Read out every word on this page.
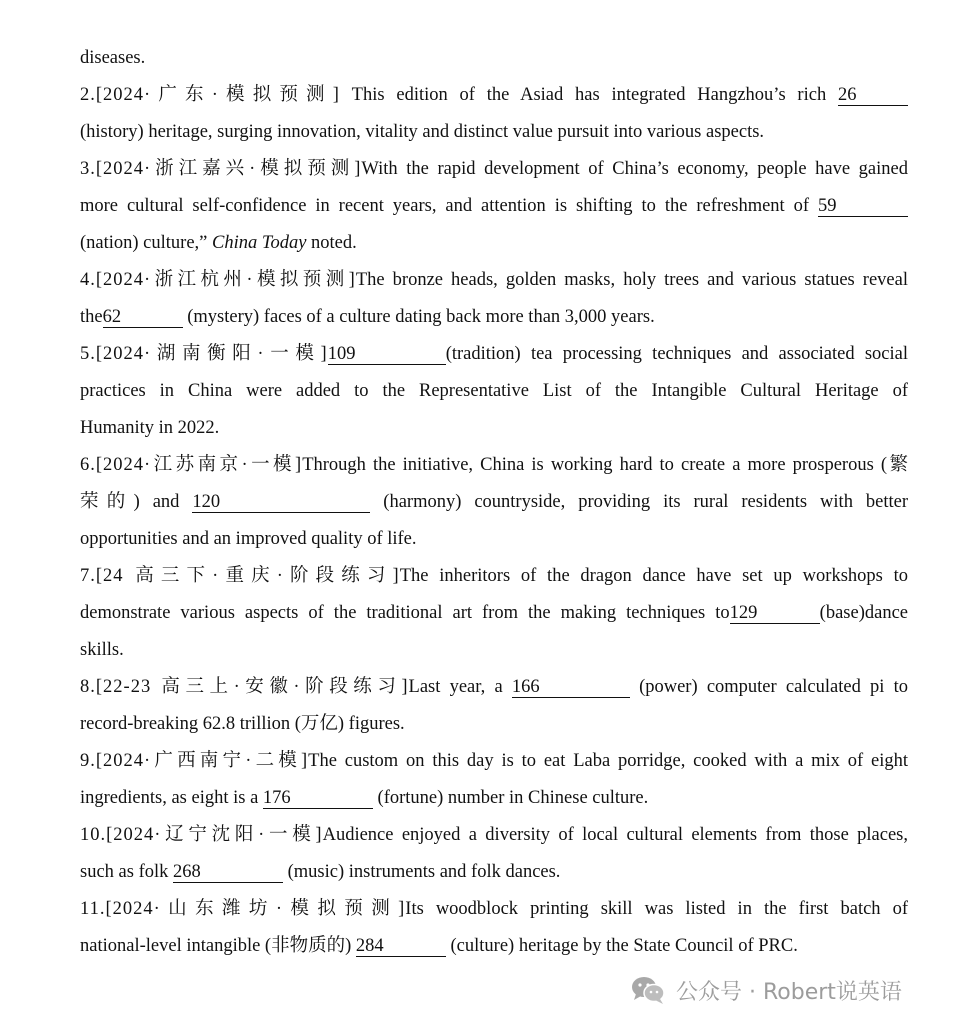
diseases.
2.[2024·广东·模拟预测] This edition of the Asiad has integrated Hangzhou’s rich 26
(history) heritage, surging innovation, vitality and distinct value pursuit into various aspects.
3.[2024·浙江嘉兴·模拟预测]With the rapid development of China’s economy, people have gained
more cultural self-confidence in recent years, and attention is shifting to the refreshment of 59
(nation) culture,” China Today noted.
4.[2024·浙江杭州·模拟预测]The bronze heads, golden masks, holy trees and various statues reveal
the62	(mystery) faces of a culture dating back more than 3,000 years.
5.[2024·湖南衡阳·一模]109	(tradition) tea processing techniques and associated social
practices in China were added to the Representative List of the Intangible Cultural Heritage of
Humanity in 2022.
6.[2024·江苏南京·一模]Through the initiative, China is working hard to create a more prosperous (繁
荣的) and 120	(harmony) countryside, providing its rural residents with better
opportunities and an improved quality of life.
7.[24 高三下·重庆·阶段练习]The inheritors of the dragon dance have set up workshops to
demonstrate various aspects of the traditional art from the making techniques to129	(base)dance
skills.
8.[22-23 高三上·安徽·阶段练习]Last year, a 166	(power) computer calculated pi to
record-breaking 62.8 trillion (万亿) figures.
9.[2024·广西南宁·二模]The custom on this day is to eat Laba porridge, cooked with a mix of eight
ingredients, as eight is a 176	(fortune) number in Chinese culture.
10.[2024·辽宁沈阳·一模]Audience enjoyed a diversity of local cultural elements from those places,
such as folk 268	(music) instruments and folk dances.
11.[2024·山东潍坊·模拟预测]Its woodblock printing skill was listed in the first batch of
national-level intangible (非物质的) 284	(culture) heritage by the State Council of PRC.
公众号 · Robert说英语
